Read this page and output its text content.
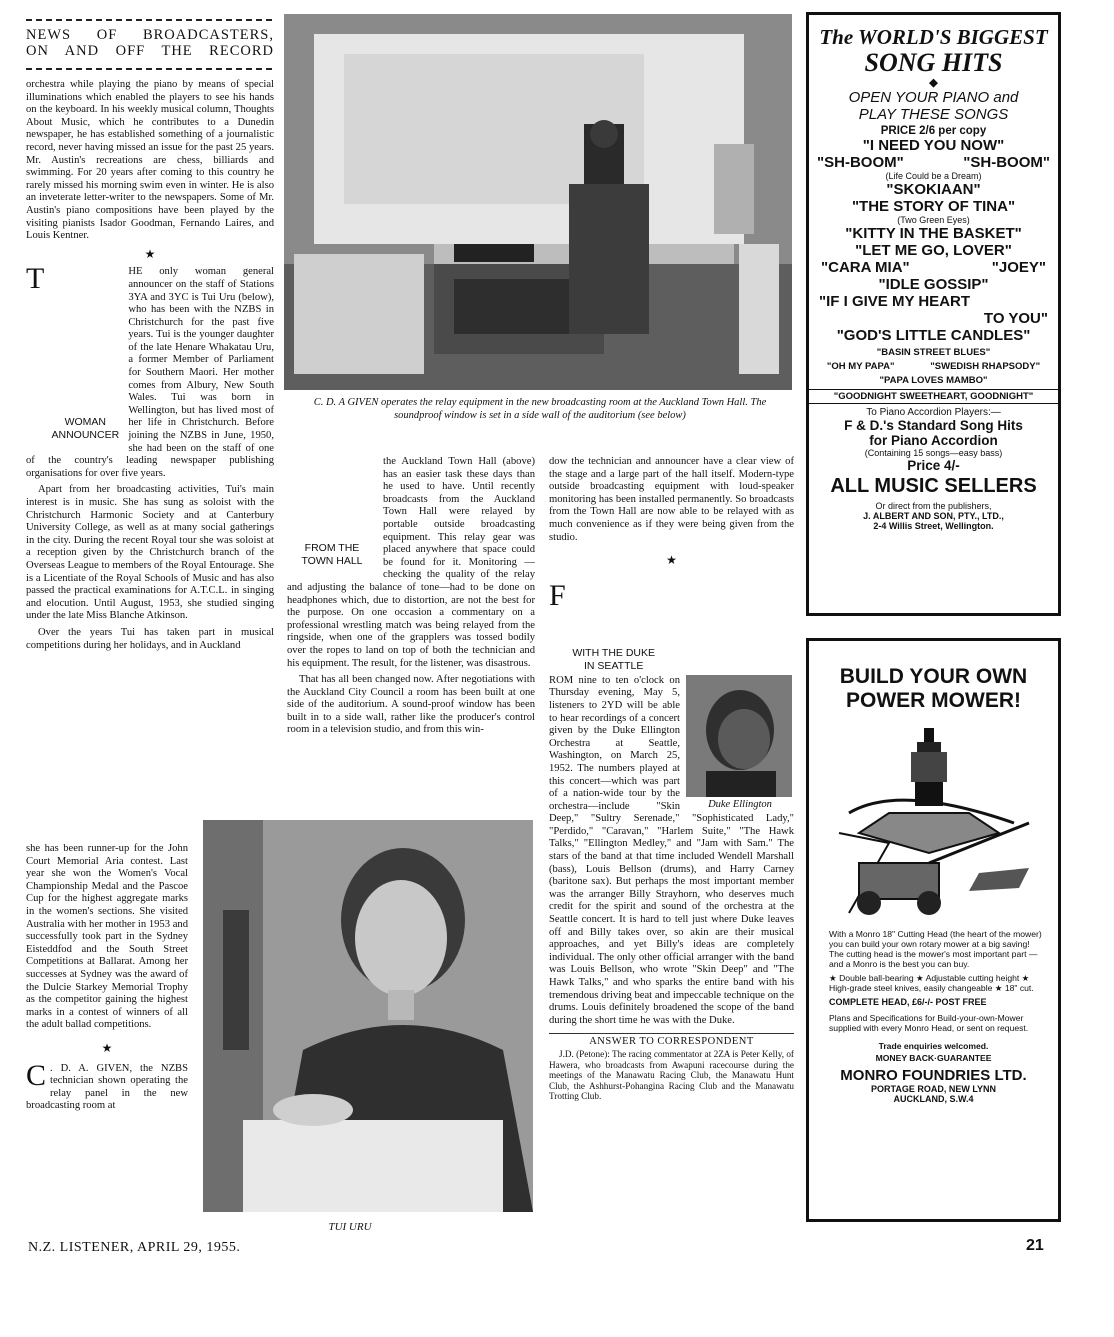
NEWS OF BROADCASTERS,
ON AND OFF THE RECORD

orchestra while playing the piano by means of special illuminations which enabled the players to see his hands on the keyboard. In his weekly musical column, Thoughts About Music, which he contributes to a Dunedin newspaper, he has established something of a journalistic record, never having missed an issue for the past 25 years. Mr. Austin's recreations are chess, billiards and swimming. For 20 years after coming to this country he rarely missed his morning swim even in winter. He is also an inveterate letter-writer to the newspapers. Some of Mr. Austin's piano compositions have been played by the visiting pianists Isador Goodman, Fernando Laires, and Louis Kentner.

★

T
WOMAN
ANNOUNCER
HE only woman general announcer on the staff of Stations 3YA and 3YC is Tui Uru (below), who has been with the NZBS in Christchurch for the past five years. Tui is the younger daughter of the late Henare Whakatau Uru, a former Member of Parliament for Southern Maori. Her mother comes from Albury, New South Wales. Tui was born in Wellington, but has lived most of her life in Christchurch. Before joining the NZBS in June, 1950, she had been on the staff of one of the country's leading newspaper publishing organisations for over five years.

Apart from her broadcasting activities, Tui's main interest is in music. She has sung as soloist with the Christchurch Harmonic Society and at Canterbury University College, as well as at many social gatherings in the city. During the recent Royal tour she was soloist at a reception given by the Christchurch branch of the Overseas League to members of the Royal Entourage. She is a Licentiate of the Royal Schools of Music and has also passed the practical examinations for A.T.C.L. in singing and elocution. Until August, 1953, she studied singing under the late Miss Blanche Atkinson.

Over the years Tui has taken part in musical competitions during her holidays, and in Auckland

she has been runner-up for the John Court Memorial Aria contest. Last year she won the Women's Vocal Championship Medal and the Pascoe Cup for the highest aggregate marks in the women's sections. She visited Australia with her mother in 1953 and successfully took part in the Sydney Eisteddfod and the South Street Competitions at Ballarat. Among her successes at Sydney was the award of the Dulcie Starkey Memorial Trophy as the competitor gaining the highest marks in a contest of winners of all the adult ballad competitions.

★

C . D. A. GIVEN, the NZBS technician shown operating the relay panel in the new broadcasting room at

C. D. A GIVEN operates the relay equipment in the new broadcasting room at the Auckland Town Hall. The soundproof window is set in a side wall of the auditorium (see below)

FROM THE
TOWN HALL
the Auckland Town Hall (above) has an easier task these days than he used to have. Until recently broadcasts from the Auckland Town Hall were relayed by portable outside broadcasting equipment. This relay gear was placed anywhere that space could be found for it. Monitoring — checking the quality of the relay and adjusting the balance of tone—had to be done on headphones which, due to distortion, are not the best for the purpose. On one occasion a commentary on a professional wrestling match was being relayed from the ringside, when one of the grapplers was tossed bodily over the ropes to land on top of both the technician and his equipment. The result, for the listener, was disastrous.

That has all been changed now. After negotiations with the Auckland City Council a room has been built at one side of the auditorium. A sound-proof window has been built in to a side wall, rather like the producer's control room in a television studio, and from this win-

TUI URU

dow the technician and announcer have a clear view of the stage and a large part of the hall itself. Modern-type outside broadcasting equipment with loud-speaker monitoring has been installed permanently. So broadcasts from the Town Hall are now able to be relayed with as much convenience as if they were being given from the studio.

★

F
WITH THE DUKE
IN SEATTLE
Duke Ellington
ROM nine to ten o'clock on Thursday evening, May 5, listeners to 2YD will be able to hear recordings of a concert given by the Duke Ellington Orchestra at Seattle, Washington, on March 25, 1952. The numbers played at this concert—which was part of a nation-wide tour by the orchestra—include "Skin Deep," "Sultry Serenade," "Sophisticated Lady," "Perdido," "Caravan," "Harlem Suite," "The Hawk Talks," "Ellington Medley," and "Jam with Sam." The stars of the band at that time included Wendell Marshall (bass), Louis Bellson (drums), and Harry Carney (baritone sax). But perhaps the most important member was the arranger Billy Strayhorn, who deserves much credit for the spirit and sound of the orchestra at the Seattle concert. It is hard to tell just where Duke leaves off and Billy takes over, so akin are their musical approaches, and yet Billy's ideas are completely individual. The only other official arranger with the band was Louis Bellson, who wrote "Skin Deep" and "The Hawk Talks," and who sparks the entire band with his tremendous driving beat and impeccable technique on the drums. Louis definitely broadened the scope of the band during the short time he was with the Duke.

ANSWER TO CORRESPONDENT
J.D. (Petone): The racing commentator at 2ZA is Peter Kelly, of Hawera, who broadcasts from Awapuni racecourse during the meetings of the Manawatu Racing Club, the Manawatu Hunt Club, the Ashhurst-Pohangina Racing Club and the Manawatu Trotting Club.
N.Z. LISTENER, APRIL 29, 1955.	21
The WORLD'S BIGGEST
SONG HITS
◆
OPEN YOUR PIANO and
PLAY THESE SONGS
PRICE 2/6 per copy
"I NEED YOU NOW"
"SH-BOOM"	"SH-BOOM"
(Life Could be a Dream)
"SKOKIAAN"
"THE STORY OF TINA"
(Two Green Eyes)
"KITTY IN THE BASKET"
"LET ME GO, LOVER"
"CARA MIA"	"JOEY"
"IDLE GOSSIP"
"IF I GIVE MY HEART
TO YOU"
"GOD'S LITTLE CANDLES"
"BASIN STREET BLUES"
"OH MY PAPA"	"SWEDISH RHAPSODY"
"PAPA LOVES MAMBO"
"GOODNIGHT SWEETHEART, GOODNIGHT"
To Piano Accordion Players:—
F & D.'s Standard Song Hits
for Piano Accordion
(Containing 15 songs—easy bass)
Price 4/-
ALL MUSIC SELLERS
Or direct from the publishers,
J. ALBERT AND SON, PTY., LTD.,
2-4 Willis Street, Wellington.
BUILD YOUR OWN
POWER MOWER!
With a Monro 18" Cutting Head (the heart of the mower) you can build your own rotary mower at a big saving! The cutting head is the mower's most important part — and a Monro is the best you can buy.
★ Double ball-bearing ★ Adjustable cutting height ★ High-grade steel knives, easily changeable ★ 18" cut.
COMPLETE HEAD, £6/-/- POST FREE
Plans and Specifications for Build-your-own-Mower supplied with every Monro Head, or sent on request.
Trade enquiries welcomed.
MONEY BACK·GUARANTEE
MONRO FOUNDRIES LTD.
PORTAGE ROAD, NEW LYNN
AUCKLAND, S.W.4
